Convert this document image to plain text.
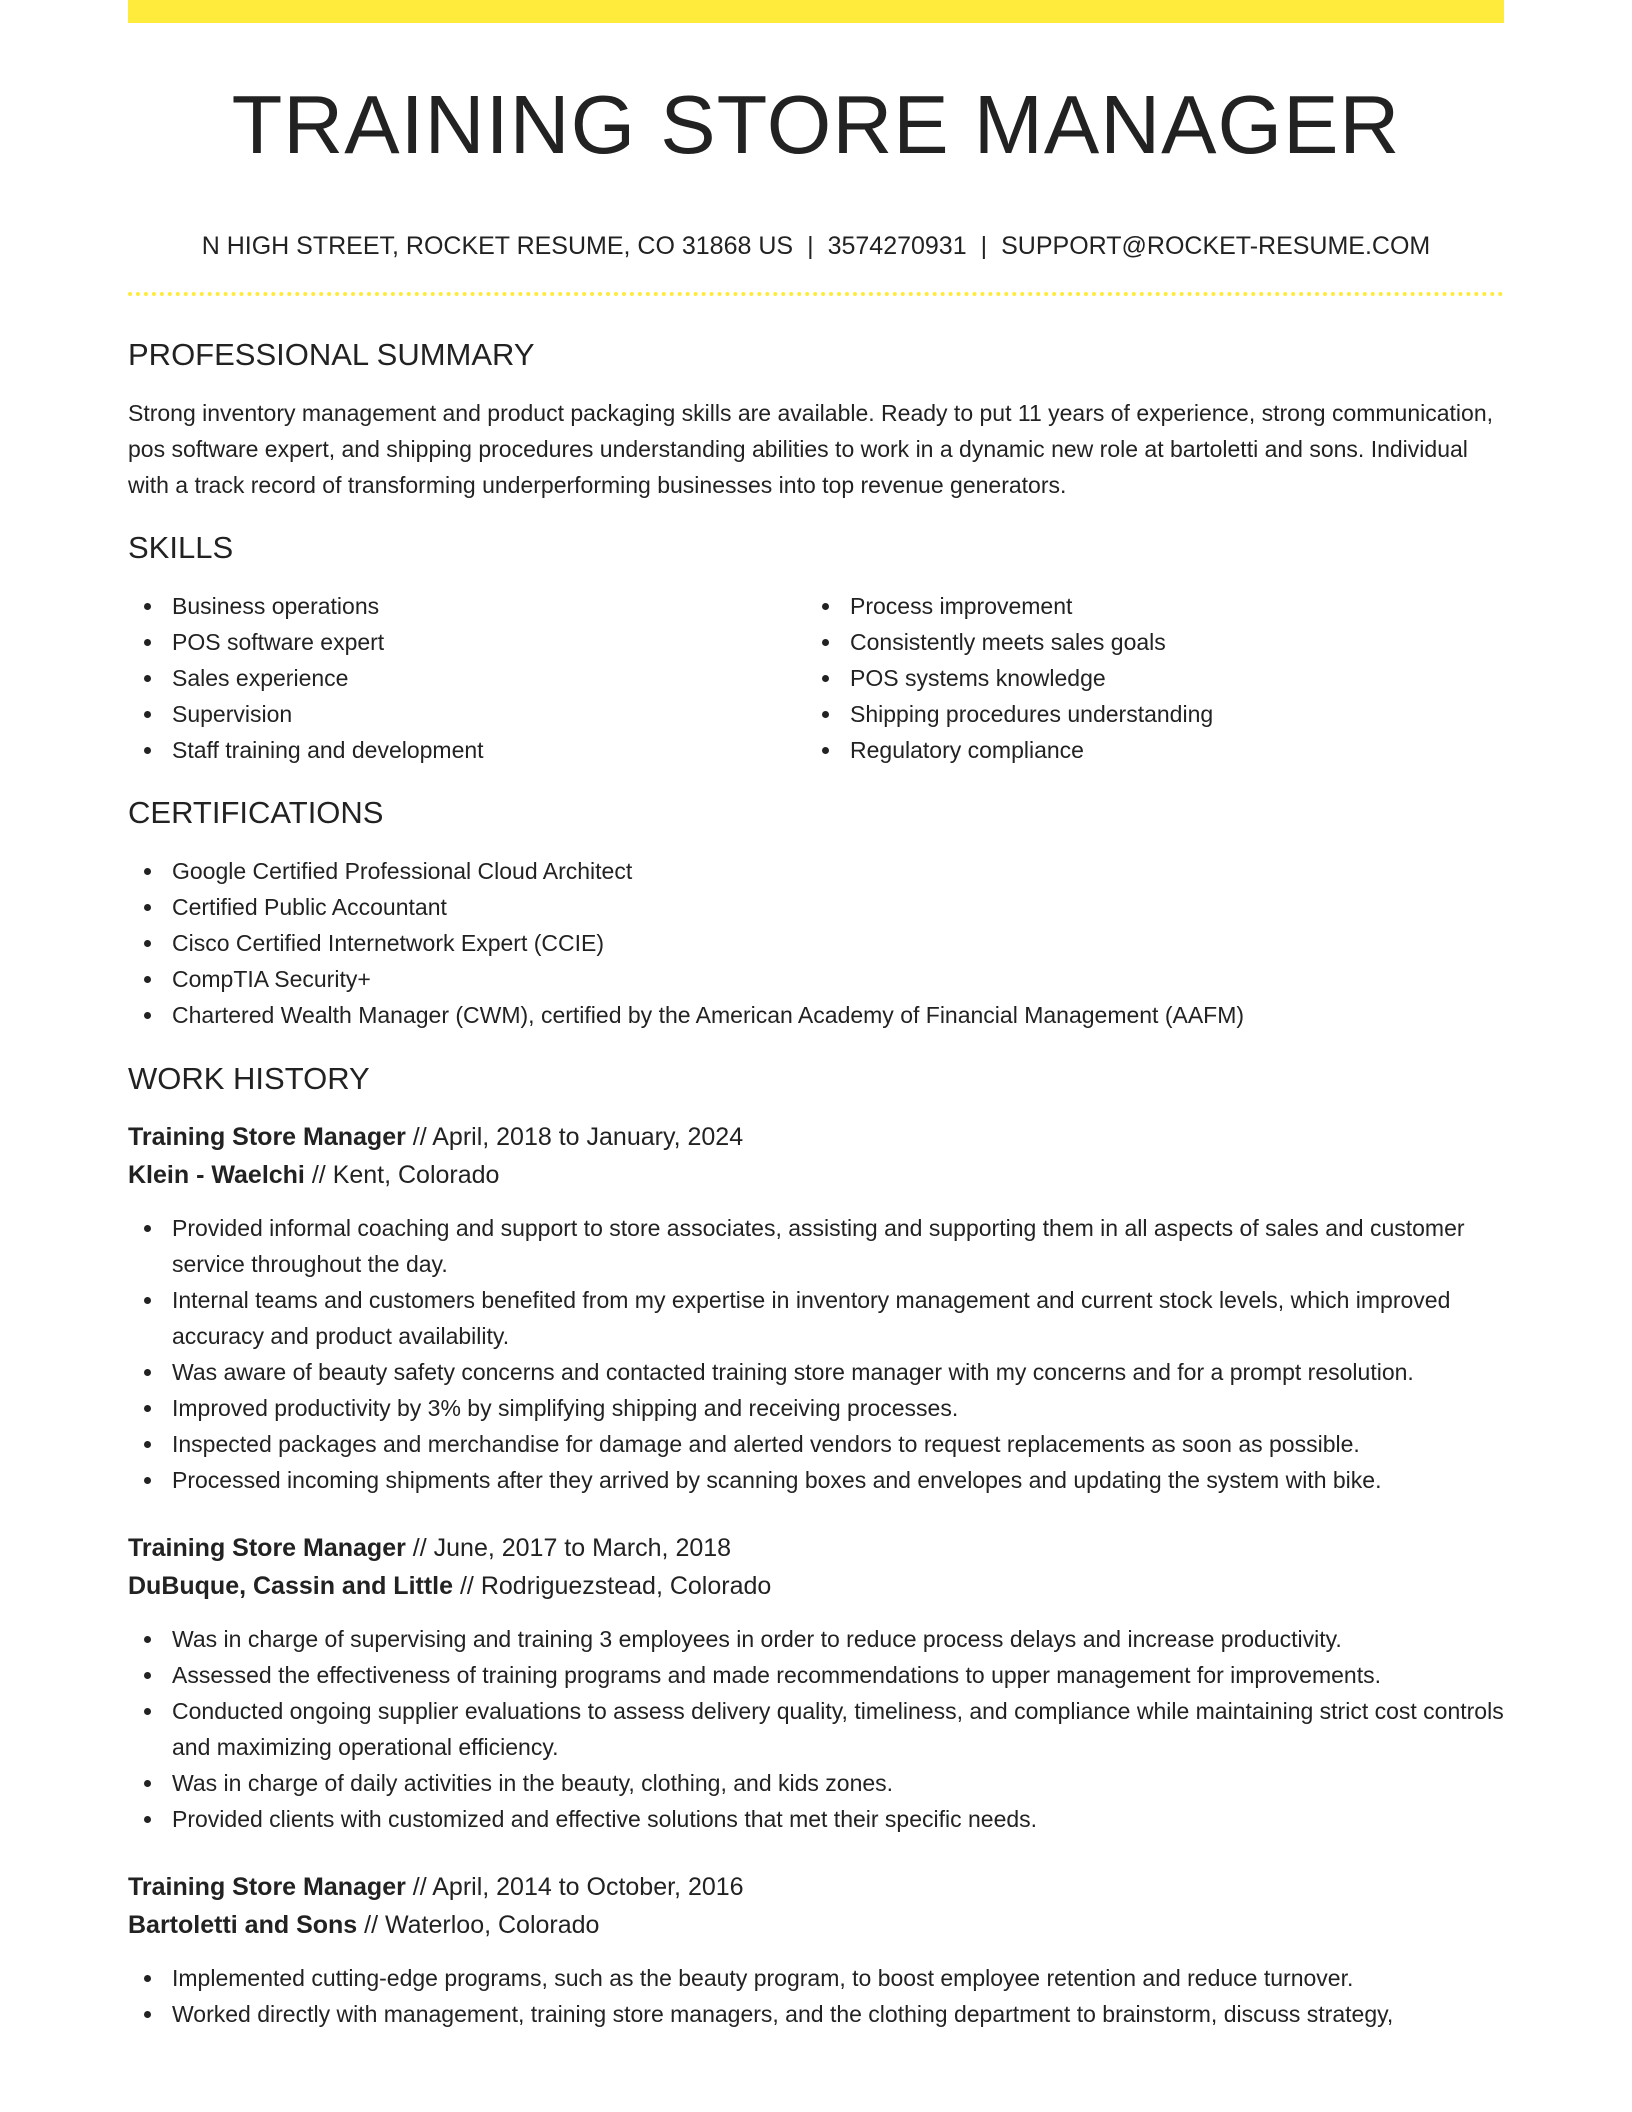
TRAINING STORE MANAGER
N HIGH STREET, ROCKET RESUME, CO 31868 US | 3574270931 | SUPPORT@ROCKET-RESUME.COM
PROFESSIONAL SUMMARY

Strong inventory management and product packaging skills are available. Ready to put 11 years of experience, strong communication, pos software expert, and shipping procedures understanding abilities to work in a dynamic new role at bartoletti and sons. Individual with a track record of transforming underperforming businesses into top revenue generators.

SKILLS
Business operations
POS software expert
Sales experience
Supervision
Staff training and development
Process improvement
Consistently meets sales goals
POS systems knowledge
Shipping procedures understanding
Regulatory compliance
CERTIFICATIONS
Google Certified Professional Cloud Architect
Certified Public Accountant
Cisco Certified Internetwork Expert (CCIE)
CompTIA Security+
Chartered Wealth Manager (CWM), certified by the American Academy of Financial Management (AAFM)
WORK HISTORY
Training Store Manager // April, 2018 to January, 2024
Klein - Waelchi // Kent, Colorado
Provided informal coaching and support to store associates, assisting and supporting them in all aspects of sales and customer service throughout the day.
Internal teams and customers benefited from my expertise in inventory management and current stock levels, which improved accuracy and product availability.
Was aware of beauty safety concerns and contacted training store manager with my concerns and for a prompt resolution.
Improved productivity by 3% by simplifying shipping and receiving processes.
Inspected packages and merchandise for damage and alerted vendors to request replacements as soon as possible.
Processed incoming shipments after they arrived by scanning boxes and envelopes and updating the system with bike.
Training Store Manager // June, 2017 to March, 2018
DuBuque, Cassin and Little // Rodriguezstead, Colorado
Was in charge of supervising and training 3 employees in order to reduce process delays and increase productivity.
Assessed the effectiveness of training programs and made recommendations to upper management for improvements.
Conducted ongoing supplier evaluations to assess delivery quality, timeliness, and compliance while maintaining strict cost controls and maximizing operational efficiency.
Was in charge of daily activities in the beauty, clothing, and kids zones.
Provided clients with customized and effective solutions that met their specific needs.
Training Store Manager // April, 2014 to October, 2016
Bartoletti and Sons // Waterloo, Colorado
Implemented cutting-edge programs, such as the beauty program, to boost employee retention and reduce turnover.
Worked directly with management, training store managers, and the clothing department to brainstorm, discuss strategy,
